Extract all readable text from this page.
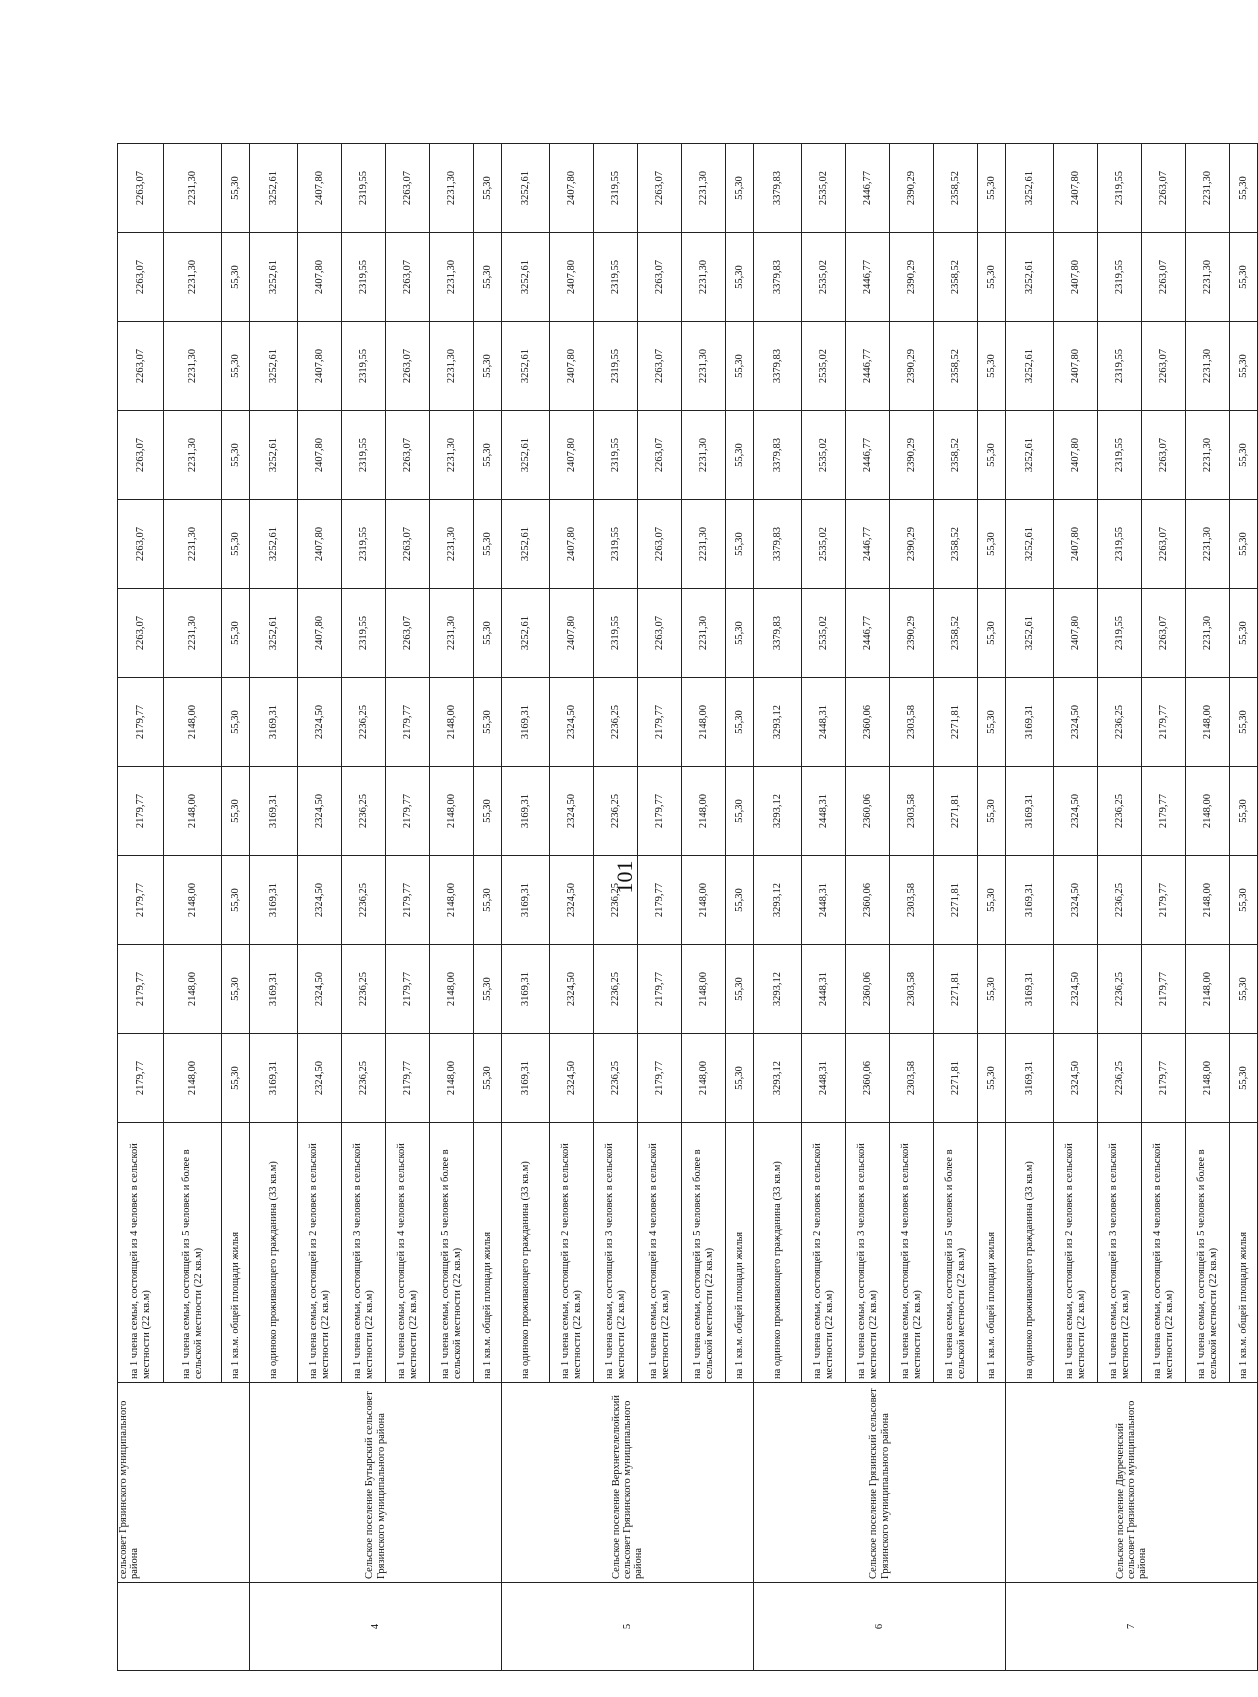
	сельсовет Грязинского муниципального района	на 1 члена семьи, состоящей из 4 человек в сельской местности (22 кв.м)	2179,77	2179,77	2179,77	2179,77	2179,77	2263,07	2263,07	2263,07	2263,07	2263,07	2263,07
		на 1 члена семьи, состоящей из 5 человек и более в сельской местности (22 кв.м)	2148,00	2148,00	2148,00	2148,00	2148,00	2231,30	2231,30	2231,30	2231,30	2231,30	2231,30
		на 1 кв.м. общей площади жилья	55,30	55,30	55,30	55,30	55,30	55,30	55,30	55,30	55,30	55,30	55,30
4	Сельское поселение Бутырский сельсовет Грязинского муниципального района	на одиноко проживающего гражданина (33 кв.м)	3169,31	3169,31	3169,31	3169,31	3169,31	3252,61	3252,61	3252,61	3252,61	3252,61	3252,61
		на 1 члена семьи, состоящей из 2 человек в сельской местности (22 кв.м)	2324,50	2324,50	2324,50	2324,50	2324,50	2407,80	2407,80	2407,80	2407,80	2407,80	2407,80
		на 1 члена семьи, состоящей из 3 человек в сельской местности (22 кв.м)	2236,25	2236,25	2236,25	2236,25	2236,25	2319,55	2319,55	2319,55	2319,55	2319,55	2319,55
		на 1 члена семьи, состоящей из 4 человек в сельской местности (22 кв.м)	2179,77	2179,77	2179,77	2179,77	2179,77	2263,07	2263,07	2263,07	2263,07	2263,07	2263,07
		на 1 члена семьи, состоящей из 5 человек и более в сельской местности (22 кв.м)	2148,00	2148,00	2148,00	2148,00	2148,00	2231,30	2231,30	2231,30	2231,30	2231,30	2231,30
		на 1 кв.м. общей площади жилья	55,30	55,30	55,30	55,30	55,30	55,30	55,30	55,30	55,30	55,30	55,30
5	Сельское поселение Верхнетелелюйский сельсовет Грязинского муниципального района	на одиноко проживающего гражданина (33 кв.м)	3169,31	3169,31	3169,31	3169,31	3169,31	3252,61	3252,61	3252,61	3252,61	3252,61	3252,61
		на 1 члена семьи, состоящей из 2 человек в сельской местности (22 кв.м)	2324,50	2324,50	2324,50	2324,50	2324,50	2407,80	2407,80	2407,80	2407,80	2407,80	2407,80
		на 1 члена семьи, состоящей из 3 человек в сельской местности (22 кв.м)	2236,25	2236,25	2236,25	2236,25	2236,25	2319,55	2319,55	2319,55	2319,55	2319,55	2319,55
		на 1 члена семьи, состоящей из 4 человек в сельской местности (22 кв.м)	2179,77	2179,77	2179,77	2179,77	2179,77	2263,07	2263,07	2263,07	2263,07	2263,07	2263,07
		на 1 члена семьи, состоящей из 5 человек и более в сельской местности (22 кв.м)	2148,00	2148,00	2148,00	2148,00	2148,00	2231,30	2231,30	2231,30	2231,30	2231,30	2231,30
		на 1 кв.м. общей площади жилья	55,30	55,30	55,30	55,30	55,30	55,30	55,30	55,30	55,30	55,30	55,30
6	Сельское поселение Грязинский сельсовет Грязинского муниципального района	на одиноко проживающего гражданина (33 кв.м)	3293,12	3293,12	3293,12	3293,12	3293,12	3379,83	3379,83	3379,83	3379,83	3379,83	3379,83
		на 1 члена семьи, состоящей из 2 человек в сельской местности (22 кв.м)	2448,31	2448,31	2448,31	2448,31	2448,31	2535,02	2535,02	2535,02	2535,02	2535,02	2535,02
		на 1 члена семьи, состоящей из 3 человек в сельской местности (22 кв.м)	2360,06	2360,06	2360,06	2360,06	2360,06	2446,77	2446,77	2446,77	2446,77	2446,77	2446,77
		на 1 члена семьи, состоящей из 4 человек в сельской местности (22 кв.м)	2303,58	2303,58	2303,58	2303,58	2303,58	2390,29	2390,29	2390,29	2390,29	2390,29	2390,29
		на 1 члена семьи, состоящей из 5 человек и более в сельской местности (22 кв.м)	2271,81	2271,81	2271,81	2271,81	2271,81	2358,52	2358,52	2358,52	2358,52	2358,52	2358,52
		на 1 кв.м. общей площади жилья	55,30	55,30	55,30	55,30	55,30	55,30	55,30	55,30	55,30	55,30	55,30
7	Сельское поселение Двуреченский сельсовет Грязинского муниципального района	на одиноко проживающего гражданина (33 кв.м)	3169,31	3169,31	3169,31	3169,31	3169,31	3252,61	3252,61	3252,61	3252,61	3252,61	3252,61
		на 1 члена семьи, состоящей из 2 человек в сельской местности (22 кв.м)	2324,50	2324,50	2324,50	2324,50	2324,50	2407,80	2407,80	2407,80	2407,80	2407,80	2407,80
		на 1 члена семьи, состоящей из 3 человек в сельской местности (22 кв.м)	2236,25	2236,25	2236,25	2236,25	2236,25	2319,55	2319,55	2319,55	2319,55	2319,55	2319,55
		на 1 члена семьи, состоящей из 4 человек в сельской местности (22 кв.м)	2179,77	2179,77	2179,77	2179,77	2179,77	2263,07	2263,07	2263,07	2263,07	2263,07	2263,07
		на 1 члена семьи, состоящей из 5 человек и более в сельской местности (22 кв.м)	2148,00	2148,00	2148,00	2148,00	2148,00	2231,30	2231,30	2231,30	2231,30	2231,30	2231,30
		на 1 кв.м. общей площади жилья	55,30	55,30	55,30	55,30	55,30	55,30	55,30	55,30	55,30	55,30	55,30
101
